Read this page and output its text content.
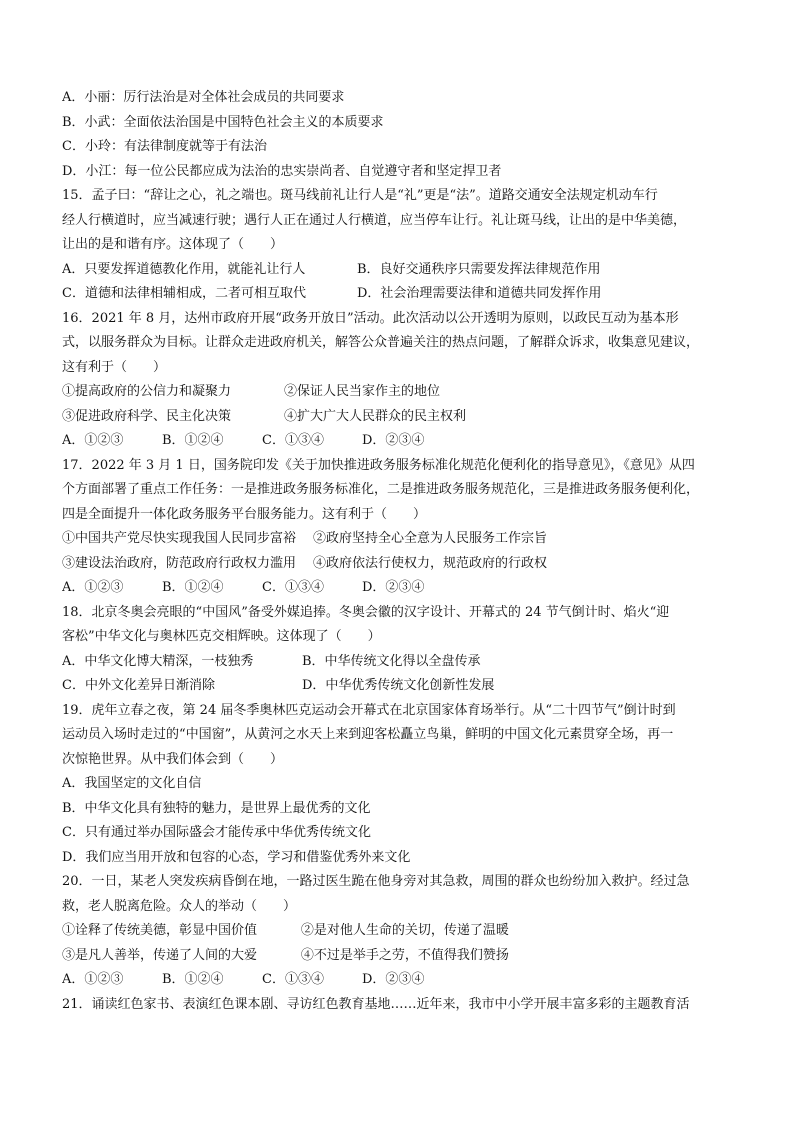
A．小丽：厉行法治是对全体社会成员的共同要求
B．小武：全面依法治国是中国特色社会主义的本质要求
C．小玲：有法律制度就等于有法治
D．小江：每一位公民都应成为法治的忠实崇尚者、自觉遵守者和坚定捍卫者
15．孟子曰：“辞让之心，礼之端也。斑马线前礼让行人是“礼”更是“法”。道路交通安全法规定机动车行
经人行横道时，应当减速行驶；遇行人正在通过人行横道，应当停车让行。礼让斑马线，让出的是中华美德，
让出的是和谐有序。这体现了（　　）
A．只要发挥道德教化作用，就能礼让行人	B．良好交通秩序只需要发挥法律规范作用
C．道德和法律相辅相成，二者可相互取代	D．社会治理需要法律和道德共同发挥作用
16．2021 年 8 月，达州市政府开展“政务开放日”活动。此次活动以公开透明为原则，以政民互动为基本形
式，以服务群众为目标。让群众走进政府机关，解答公众普遍关注的热点问题，了解群众诉求，收集意见建议，
这有利于（　　）
①提高政府的公信力和凝聚力	②保证人民当家作主的地位
③促进政府科学、民主化决策	④扩大广大人民群众的民主权利
A．①②③	B．①②④	C．①③④	D．②③④
17．2022 年 3 月 1 日，国务院印发《关于加快推进政务服务标准化规范化便利化的指导意见》，《意见》从四
个方面部署了重点工作任务：一是推进政务服务标准化，二是推进政务服务规范化，三是推进政务服务便利化，
四是全面提升一体化政务服务平台服务能力。这有利于（　　）
①中国共产党尽快实现我国人民同步富裕	②政府坚持全心全意为人民服务工作宗旨
③建设法治政府，防范政府行政权力滥用	④政府依法行使权力，规范政府的行政权
A．①②③	B．①②④	C．①③④	D．②③④
18．北京冬奥会亮眼的“中国风”备受外媒追捧。冬奥会徽的汉字设计、开幕式的 24 节气倒计时、焰火“迎
客松”中华文化与奥林匹克交相辉映。这体现了（　　）
A．中华文化博大精深，一枝独秀	B．中华传统文化得以全盘传承
C．中外文化差异日渐消除	D．中华优秀传统文化创新性发展
19．虎年立春之夜，第 24 届冬季奥林匹克运动会开幕式在北京国家体育场举行。从“二十四节气”倒计时到
运动员入场时走过的“中国窗”，从黄河之水天上来到迎客松矗立鸟巢，鲜明的中国文化元素贯穿全场，再一
次惊艳世界。从中我们体会到（　　）
A．我国坚定的文化自信
B．中华文化具有独特的魅力，是世界上最优秀的文化
C．只有通过举办国际盛会才能传承中华优秀传统文化
D．我们应当用开放和包容的心态，学习和借鉴优秀外来文化
20．一日，某老人突发疾病昏倒在地，一路过医生跪在他身旁对其急救，周围的群众也纷纷加入救护。经过急
救，老人脱离危险。众人的举动（　　）
①诠释了传统美德，彰显中国价值	②是对他人生命的关切，传递了温暖
③是凡人善举，传递了人间的大爱	④不过是举手之劳，不值得我们赞扬
A．①②③	B．①②④	C．①③④	D．②③④
21．诵读红色家书、表演红色课本剧、寻访红色教育基地……近年来，我市中小学开展丰富多彩的主题教育活
